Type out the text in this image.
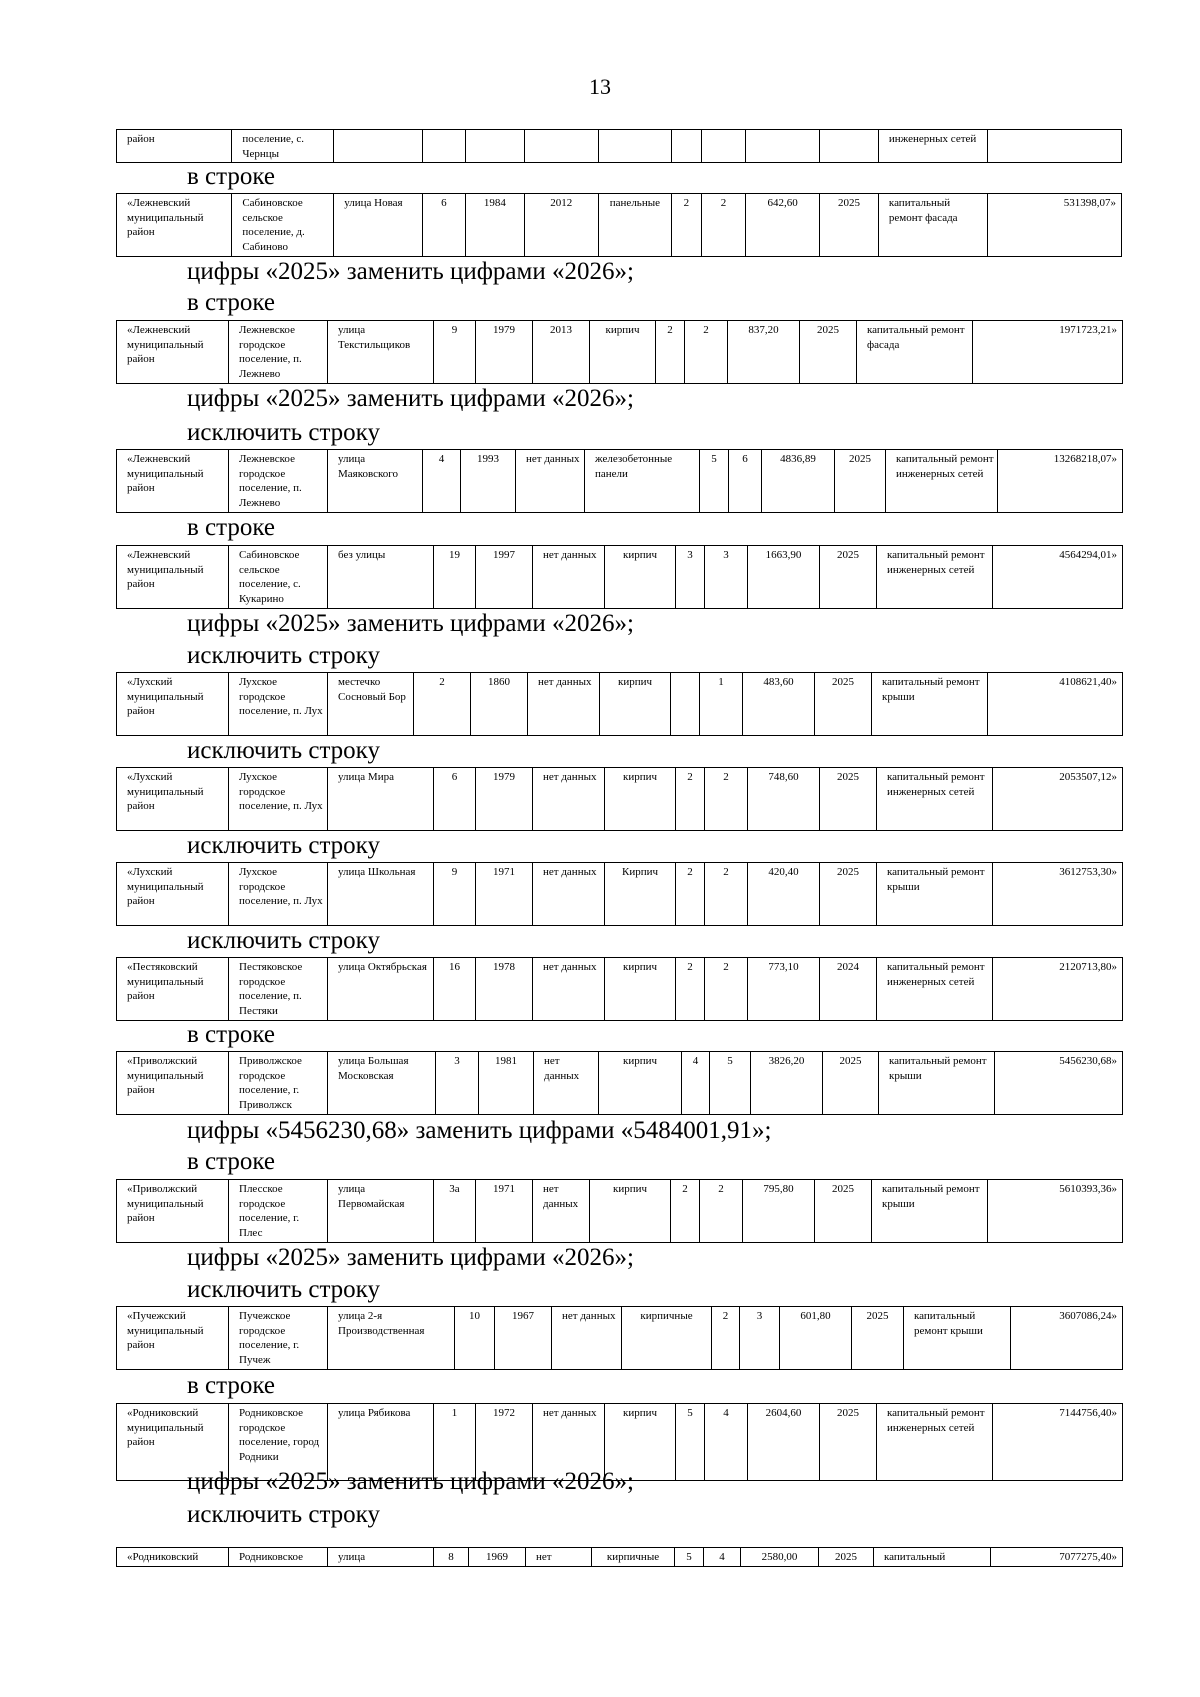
13
в строке
цифры «2025» заменить цифрами «2026»;
в строке
цифры «2025» заменить цифрами «2026»;
исключить строку
в строке
цифры «2025» заменить цифрами «2026»;
исключить строку
исключить строку
исключить строку
исключить строку
в строке
цифры «5456230,68» заменить цифрами «5484001,91»;
в строке
цифры «2025» заменить цифрами «2026»;
исключить строку
в строке
цифры «2025» заменить цифрами «2026»;
исключить строку
район	поселение, с. Чернцы										инженерных сетей	
«Лежневский муниципальный район	Сабиновское сельское поселение, д. Сабиново	улица Новая	6	1984	2012	панельные	2	2	642,60	2025	капитальный ремонт фасада	531398,07»
«Лежневский муниципальный район	Лежневское городское поселение, п. Лежнево	улица Текстильщиков	9	1979	2013	кирпич	2	2	837,20	2025	капитальный ремонт фасада	1971723,21»
«Лежневский муниципальный район	Лежневское городское поселение, п. Лежнево	улица Маяковского	4	1993	нет данных	железобетонные панели	5	6	4836,89	2025	капитальный ремонт инженерных сетей	13268218,07»
«Лежневский муниципальный район	Сабиновское сельское поселение, с. Кукарино	без улицы	19	1997	нет данных	кирпич	3	3	1663,90	2025	капитальный ремонт инженерных сетей	4564294,01»
«Лухский муниципальный район	Лухское городское поселение, п. Лух	местечко Сосновый Бор	2	1860	нет данных	кирпич		1	483,60	2025	капитальный ремонт крыши	4108621,40»
«Лухский муниципальный район	Лухское городское поселение, п. Лух	улица Мира	6	1979	нет данных	кирпич	2	2	748,60	2025	капитальный ремонт инженерных сетей	2053507,12»
«Лухский муниципальный район	Лухское городское поселение, п. Лух	улица Школьная	9	1971	нет данных	Кирпич	2	2	420,40	2025	капитальный ремонт крыши	3612753,30»
«Пестяковский муниципальный район	Пестяковское городское поселение, п. Пестяки	улица Октябрьская	16	1978	нет данных	кирпич	2	2	773,10	2024	капитальный ремонт инженерных сетей	2120713,80»
«Приволжский муниципальный район	Приволжское городское поселение, г. Приволжск	улица Большая Московская	3	1981	нет данных	кирпич	4	5	3826,20	2025	капитальный ремонт крыши	5456230,68»
«Приволжский муниципальный район	Плесское городское поселение, г. Плес	улица Первомайская	3а	1971	нет данных	кирпич	2	2	795,80	2025	капитальный ремонт крыши	5610393,36»
«Пучежский муниципальный район	Пучежское городское поселение, г. Пучеж	улица 2-я Производственная	10	1967	нет данных	кирпичные	2	3	601,80	2025	капитальный ремонт крыши	3607086,24»
«Родниковский муниципальный район	Родниковское городское поселение, город Родники	улица Рябикова	1	1972	нет данных	кирпич	5	4	2604,60	2025	капитальный ремонт инженерных сетей	7144756,40»
«Родниковский	Родниковское	улица	8	1969	нет	кирпичные	5	4	2580,00	2025	капитальный	7077275,40»
